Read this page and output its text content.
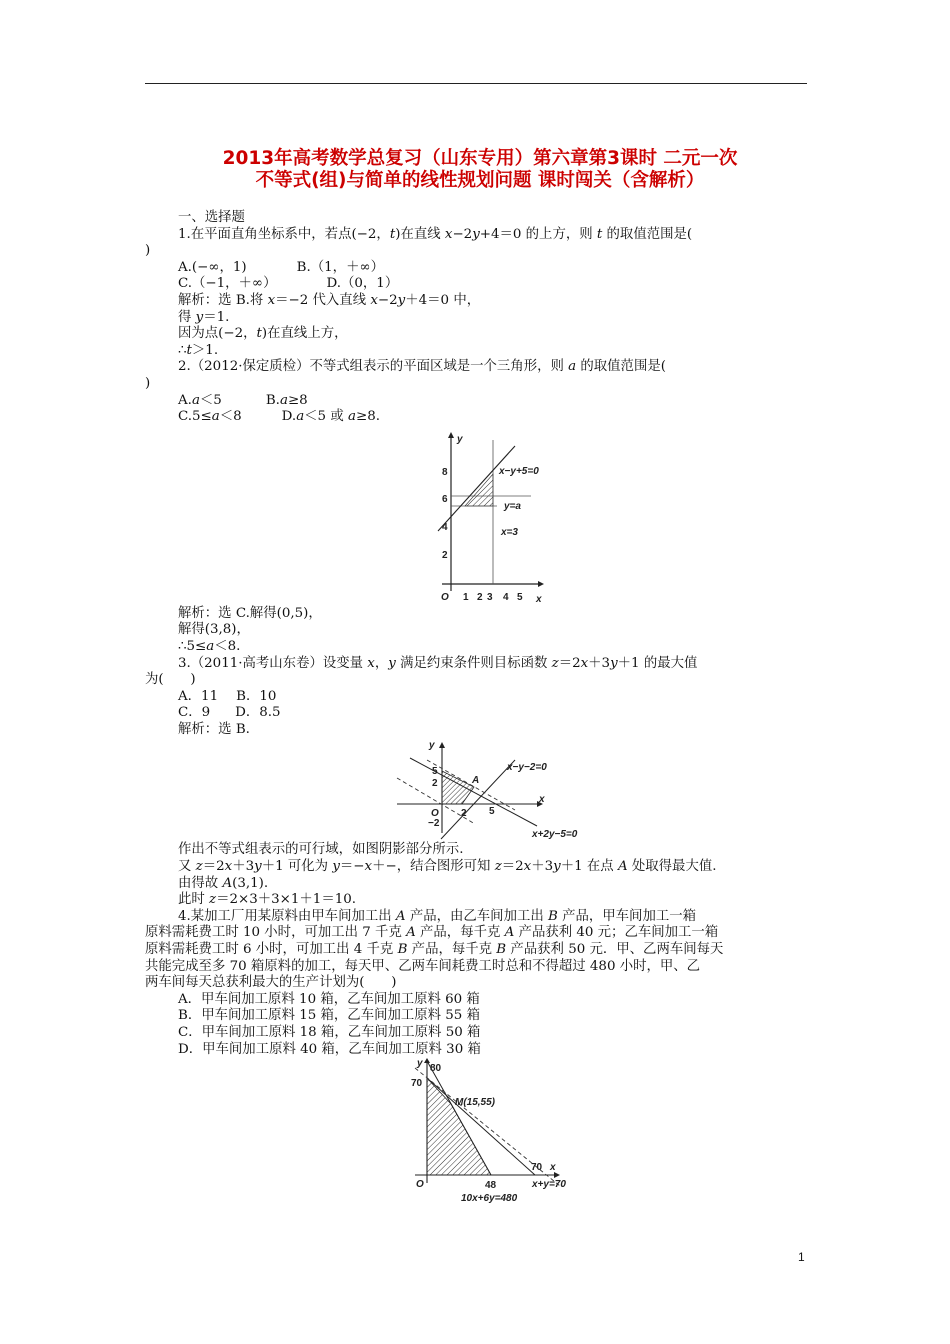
2013年高考数学总复习（山东专用）第六章第3课时 二元一次
不等式(组)与简单的线性规划问题 课时闯关（含解析）
一、选择题
1.在平面直角坐标系中，若点(−2，t)在直线 x−2y+4＝0 的上方，则 t 的取值范围是(
)
A.(−∞，1)	B.（1，＋∞）
C.（−1，＋∞）	D.（0，1）
解析：选 B.将 x＝−2 代入直线 x−2y＋4＝0 中，
得 y＝1.
因为点(−2，t)在直线上方，
∴t＞1.
2.（2012·保定质检）不等式组表示的平面区域是一个三角形，则 a 的取值范围是(
)
A.a＜5	B.a≥8
C.5≤a＜8	D.a＜5 或 a≥8.
y
x
O
8
6
4
2
1 2 3 4 5
x−y+5=0
y=a
x=3
解析：选 C.解得(0,5)，
解得(3,8)，
∴5≤a＜8.
3.（2011·高考山东卷）设变量 x，y 满足约束条件则目标函数 z＝2x＋3y＋1 的最大值
为(　　)
A．11 B．10
C．9 D．8.5
解析：选 B.
y
x
O
5
2
−2
2 5
A
x−y−2=0
x+2y−5=0
作出不等式组表示的可行域，如图阴影部分所示.
又 z＝2x＋3y＋1 可化为 y＝−x＋−，结合图形可知 z＝2x＋3y＋1 在点 A 处取得最大值.
由得故 A(3,1).
此时 z＝2×3＋3×1＋1＝10.
4.某加工厂用某原料由甲车间加工出 A 产品，由乙车间加工出 B 产品，甲车间加工一箱
原料需耗费工时 10 小时，可加工出 7 千克 A 产品，每千克 A 产品获利 40 元；乙车间加工一箱
原料需耗费工时 6 小时，可加工出 4 千克 B 产品，每千克 B 产品获利 50 元．甲、乙两车间每天
共能完成至多 70 箱原料的加工，每天甲、乙两车间耗费工时总和不得超过 480 小时，甲、乙
两车间每天总获利最大的生产计划为(　　)
A．甲车间加工原料 10 箱，乙车间加工原料 60 箱
B．甲车间加工原料 15 箱，乙车间加工原料 55 箱
C．甲车间加工原料 18 箱，乙车间加工原料 50 箱
D．甲车间加工原料 40 箱，乙车间加工原料 30 箱
y
x
O
80
70
48
70
M(15,55)
x+y=70
10x+6y=480
1
